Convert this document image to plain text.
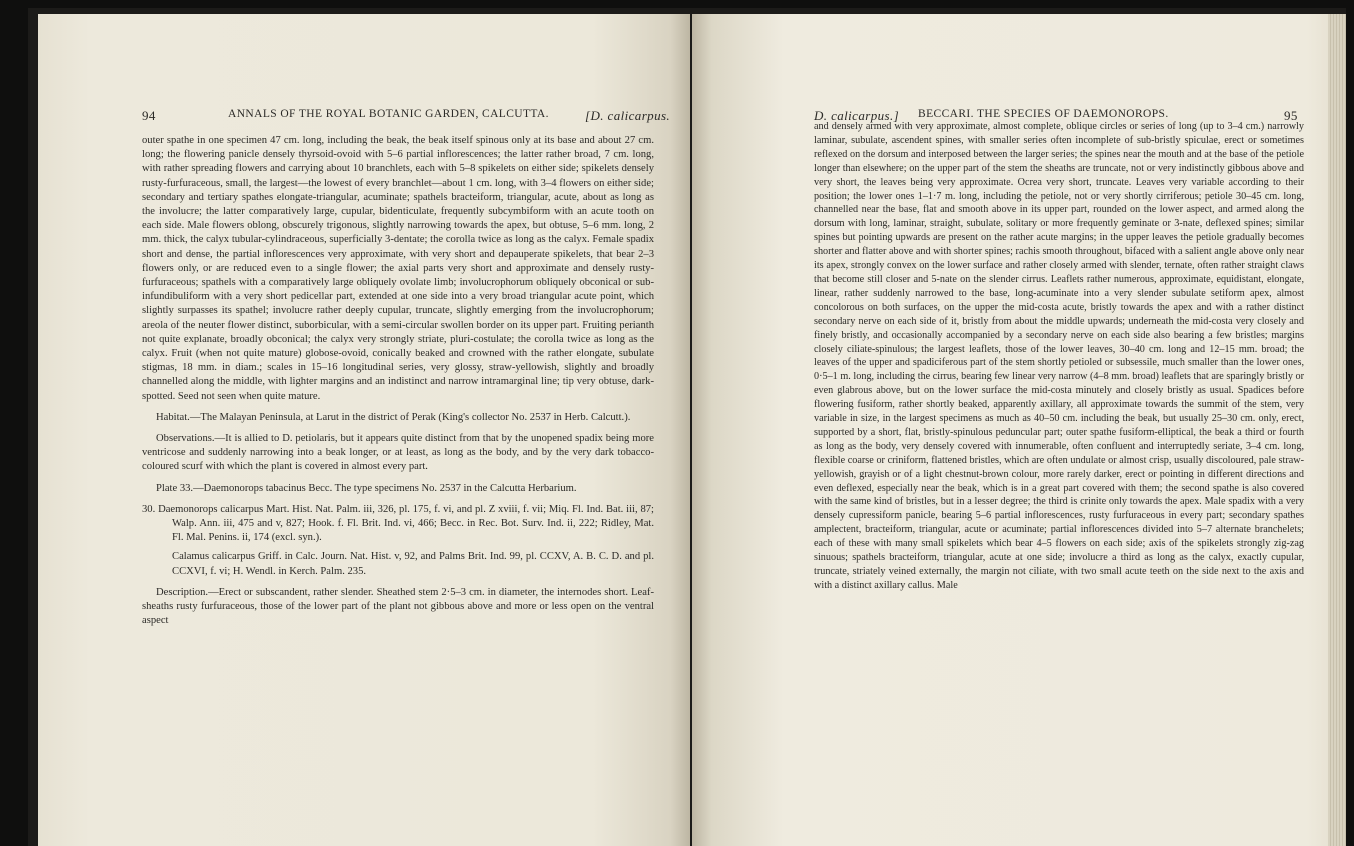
94	ANNALS OF THE ROYAL BOTANIC GARDEN, CALCUTTA.	[D. calicarpus.

outer spathe in one specimen 47 cm. long, including the beak, the beak itself spinous only at its base and about 27 cm. long; the flowering panicle densely thyrsoid-ovoid with 5–6 partial inflorescences; the latter rather broad, 7 cm. long, with rather spreading flowers and carrying about 10 branchlets, each with 5–8 spikelets on either side; spikelets densely rusty-furfuraceous, small, the largest—the lowest of every branchlet—about 1 cm. long, with 3–4 flowers on either side; secondary and tertiary spathes elongate-triangular, acuminate; spathels bracteiform, triangular, acute, about as long as the involucre; the latter comparatively large, cupular, bidenticulate, frequently subcymbiform with an acute tooth on each side. Male flowers oblong, obscurely trigonous, slightly narrowing towards the apex, but obtuse, 5–6 mm. long, 2 mm. thick, the calyx tubular-cylindraceous, superficially 3-dentate; the corolla twice as long as the calyx. Female spadix short and dense, the partial inflorescences very approximate, with very short and depauperate spikelets, that bear 2–3 flowers only, or are reduced even to a single flower; the axial parts very short and approximate and densely rusty-furfuraceous; spathels with a comparatively large obliquely ovolate limb; involucrophorum obliquely obconical or sub-infundibuliform with a very short pedicellar part, extended at one side into a very broad triangular acute point, which slightly surpasses its spathel; involucre rather deeply cupular, truncate, slightly emerging from the involucrophorum; areola of the neuter flower distinct, suborbicular, with a semi-circular swollen border on its upper part. Fruiting perianth not quite explanate, broadly obconical; the calyx very strongly striate, pluri-costulate; the corolla twice as long as the calyx. Fruit (when not quite mature) globose-ovoid, conically beaked and crowned with the rather elongate, subulate stigmas, 18 mm. in diam.; scales in 15–16 longitudinal series, very glossy, straw-yellowish, slightly and broadly channelled along the middle, with lighter margins and an indistinct and narrow intramarginal line; tip very obtuse, dark-spotted. Seed not seen when quite mature.

Habitat.—The Malayan Peninsula, at Larut in the district of Perak (King's collector No. 2537 in Herb. Calcutt.).

Observations.—It is allied to D. petiolaris, but it appears quite distinct from that by the unopened spadix being more ventricose and suddenly narrowing into a beak longer, or at least, as long as the body, and by the very dark tobacco-coloured scurf with which the plant is covered in almost every part.

Plate 33.—Daemonorops tabacinus Becc. The type specimens No. 2537 in the Calcutta Herbarium.

30. Daemonorops calicarpus Mart. Hist. Nat. Palm. iii, 326, pl. 175, f. vi, and pl. Z xviii, f. vii; Miq. Fl. Ind. Bat. iii, 87; Walp. Ann. iii, 475 and v, 827; Hook. f. Fl. Brit. Ind. vi, 466; Becc. in Rec. Bot. Surv. Ind. ii, 222; Ridley, Mat. Fl. Mal. Penins. ii, 174 (excl. syn.).

Calamus calicarpus Griff. in Calc. Journ. Nat. Hist. v, 92, and Palms Brit. Ind. 99, pl. CCXV, A. B. C. D. and pl. CCXVI, f. vi; H. Wendl. in Kerch. Palm. 235.

Description.—Erect or subscandent, rather slender. Sheathed stem 2·5–3 cm. in diameter, the internodes short. Leaf-sheaths rusty furfuraceous, those of the lower part of the plant not gibbous above and more or less open on the ventral aspect

D. calicarpus.] BECCARI. THE SPECIES OF DAEMONOROPS.	95

and densely armed with very approximate, almost complete, oblique circles or series of long (up to 3–4 cm.) narrowly laminar, subulate, ascendent spines, with smaller series often incomplete of sub-bristly spiculae, erect or sometimes reflexed on the dorsum and interposed between the larger series; the spines near the mouth and at the base of the petiole longer than elsewhere; on the upper part of the stem the sheaths are truncate, not or very indistinctly gibbous above and very short, the leaves being very approximate. Ocrea very short, truncate. Leaves very variable according to their position; the lower ones 1–1·7 m. long, including the petiole, not or very shortly cirriferous; petiole 30–45 cm. long, channelled near the base, flat and smooth above in its upper part, rounded on the lower aspect, and armed along the dorsum with long, laminar, straight, subulate, solitary or more frequently geminate or 3-nate, deflexed spines; similar spines but pointing upwards are present on the rather acute margins; in the upper leaves the petiole gradually becomes shorter and flatter above and with shorter spines; rachis smooth throughout, bifaced with a salient angle above only near its apex, strongly convex on the lower surface and rather closely armed with slender, ternate, often rather straight claws that become still closer and 5-nate on the slender cirrus. Leaflets rather numerous, approximate, equidistant, elongate, linear, rather suddenly narrowed to the base, long-acuminate into a very slender subulate setiform apex, almost concolorous on both surfaces, on the upper the mid-costa acute, bristly towards the apex and with a rather distinct secondary nerve on each side of it, bristly from about the middle upwards; underneath the mid-costa very closely and finely bristly, and occasionally accompanied by a secondary nerve on each side also bearing a few bristles; margins closely ciliate-spinulous; the largest leaflets, those of the lower leaves, 30–40 cm. long and 12–15 mm. broad; the leaves of the upper and spadiciferous part of the stem shortly petioled or subsessile, much smaller than the lower ones, 0·5–1 m. long, including the cirrus, bearing few linear very narrow (4–8 mm. broad) leaflets that are sparingly bristly or even glabrous above, but on the lower surface the mid-costa minutely and closely bristly as usual. Spadices before flowering fusiform, rather shortly beaked, apparently axillary, all approximate towards the summit of the stem, very variable in size, in the largest specimens as much as 40–50 cm. including the beak, but usually 25–30 cm. only, erect, supported by a short, flat, bristly-spinulous peduncular part; outer spathe fusiform-elliptical, the beak a third or fourth as long as the body, very densely covered with innumerable, often confluent and interruptedly seriate, 3–4 cm. long, flexible coarse or criniform, flattened bristles, which are often undulate or almost crisp, usually discoloured, pale straw-yellowish, grayish or of a light chestnut-brown colour, more rarely darker, erect or pointing in different directions and even deflexed, especially near the beak, which is in a great part covered with them; the second spathe is also covered with the same kind of bristles, but in a lesser degree; the third is crinite only towards the apex. Male spadix with a very densely cupressiform panicle, bearing 5–6 partial inflorescences, rusty furfuraceous in every part; secondary spathes amplectent, bracteiform, triangular, acute or acuminate; partial inflorescences divided into 5–7 alternate branchelets; each of these with many small spikelets which bear 4–5 flowers on each side; axis of the spikelets strongly zig-zag sinuous; spathels bracteiform, triangular, acute at one side; involucre a third as long as the calyx, exactly cupular, truncate, striately veined externally, the margin not ciliate, with two small acute teeth on the side next to the axis and with a distinct axillary callus. Male
